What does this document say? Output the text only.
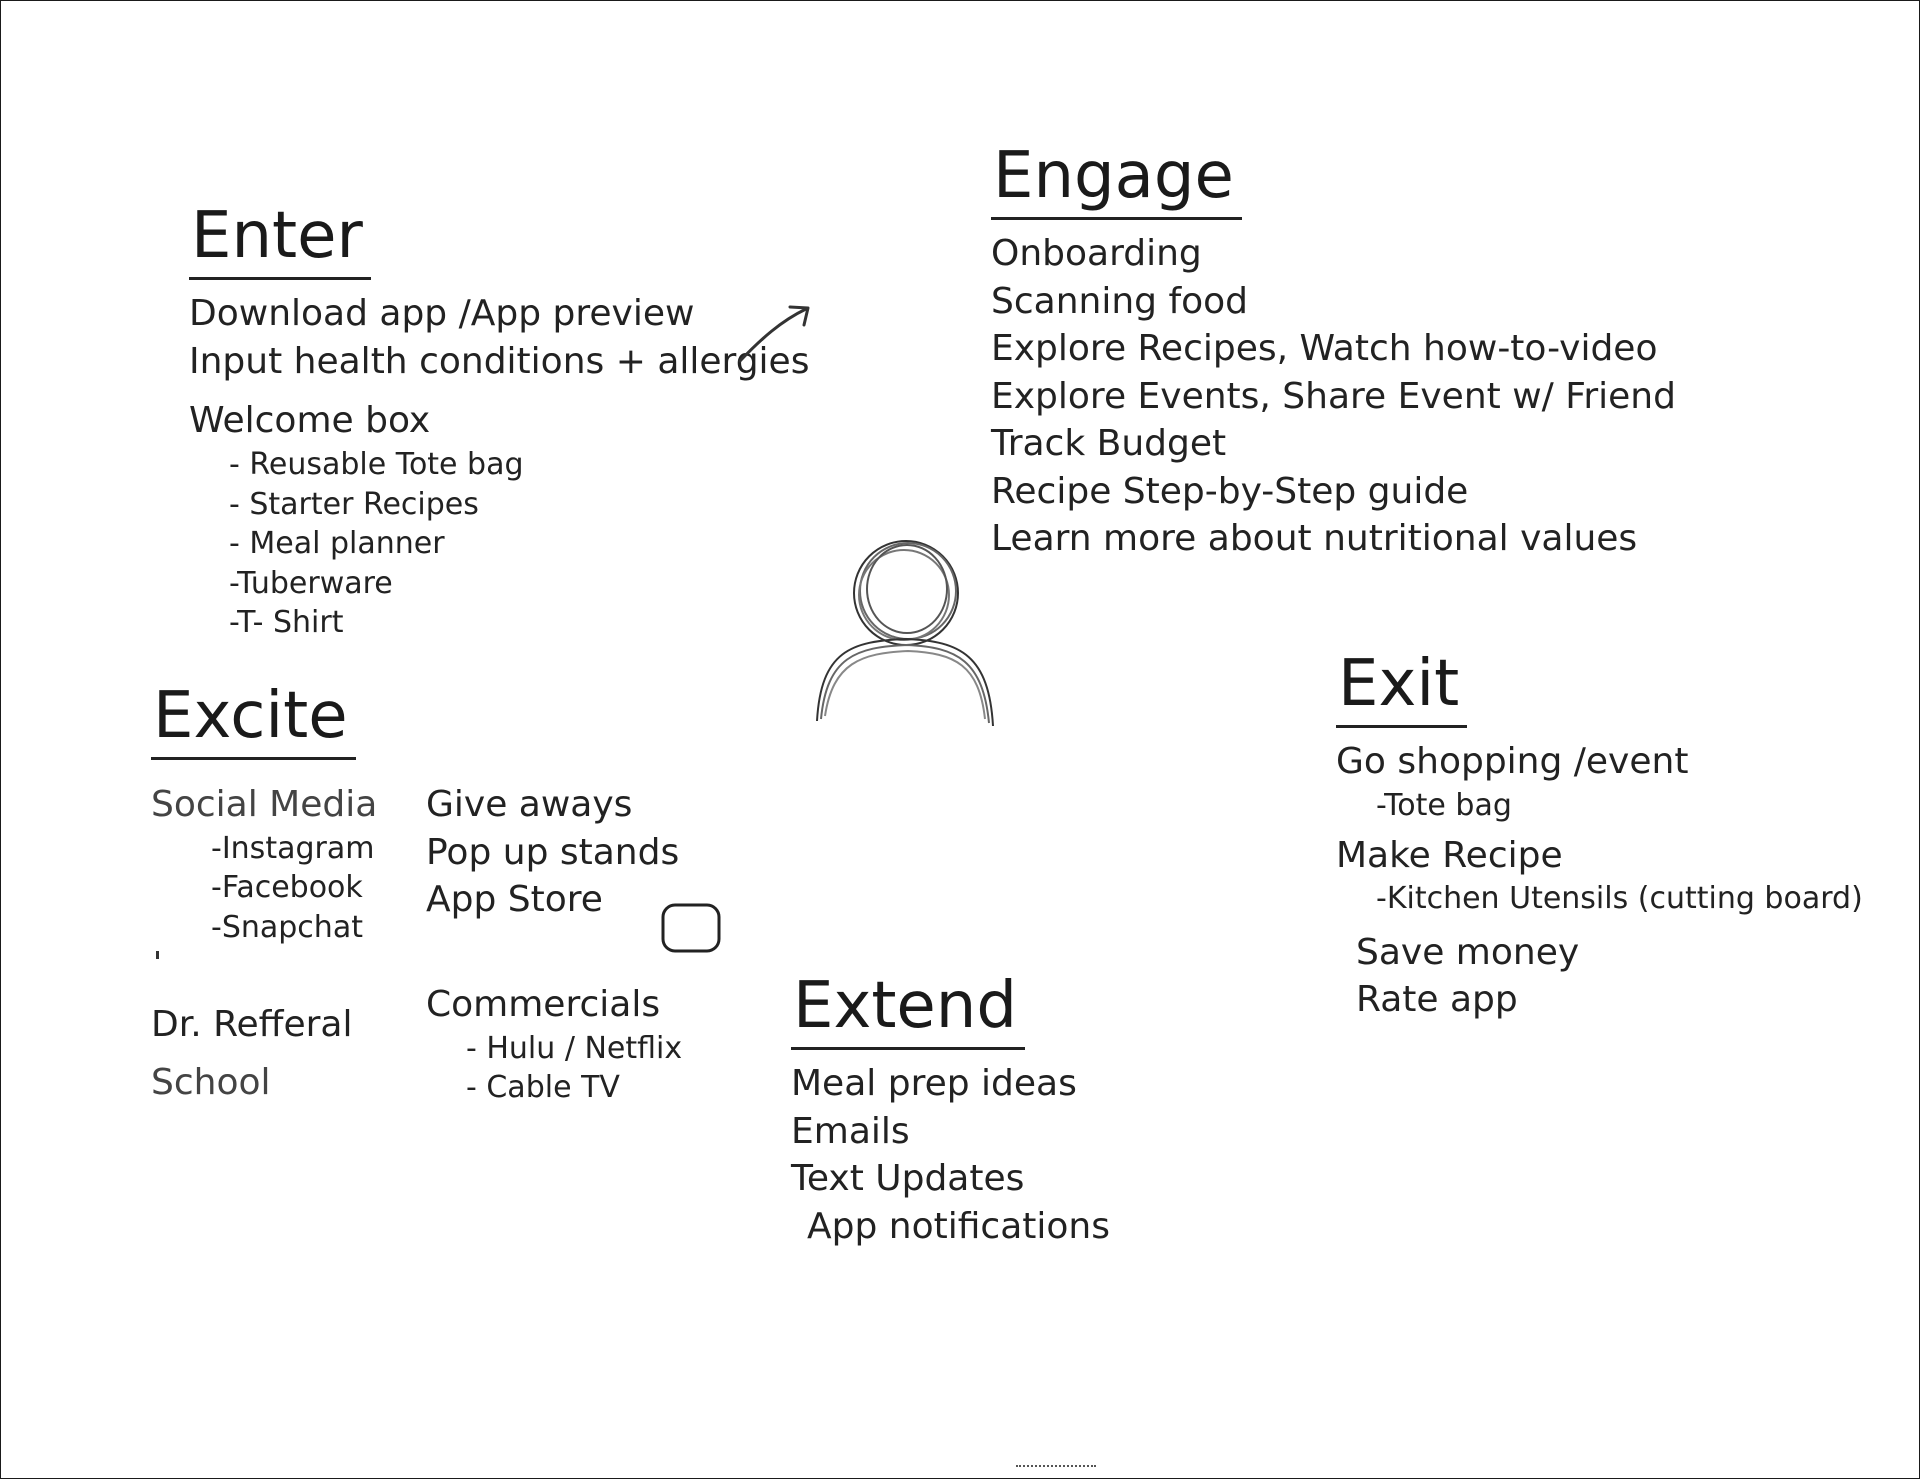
Enter
Download app /App preview
Input health conditions + allergies
Welcome box
- Reusable Tote bag
- Starter Recipes
- Meal planner
-Tuberware
-T- Shirt
Engage
Onboarding
Scanning food
Explore Recipes, Watch how-to-video
Explore Events, Share Event w/ Friend
Track Budget
Recipe Step-by-Step guide
Learn more about nutritional values
Excite
Social Media
-Instagram
-Facebook
-Snapchat
Give aways
Pop up stands
App Store
Dr. Refferal
School
Commercials
- Hulu / Netflix
- Cable TV
Exit
Go shopping /event
-Tote bag
Make Recipe
-Kitchen Utensils (cutting board)
Save money
Rate app
Extend
Meal prep ideas
Emails
Text Updates
App notifications
